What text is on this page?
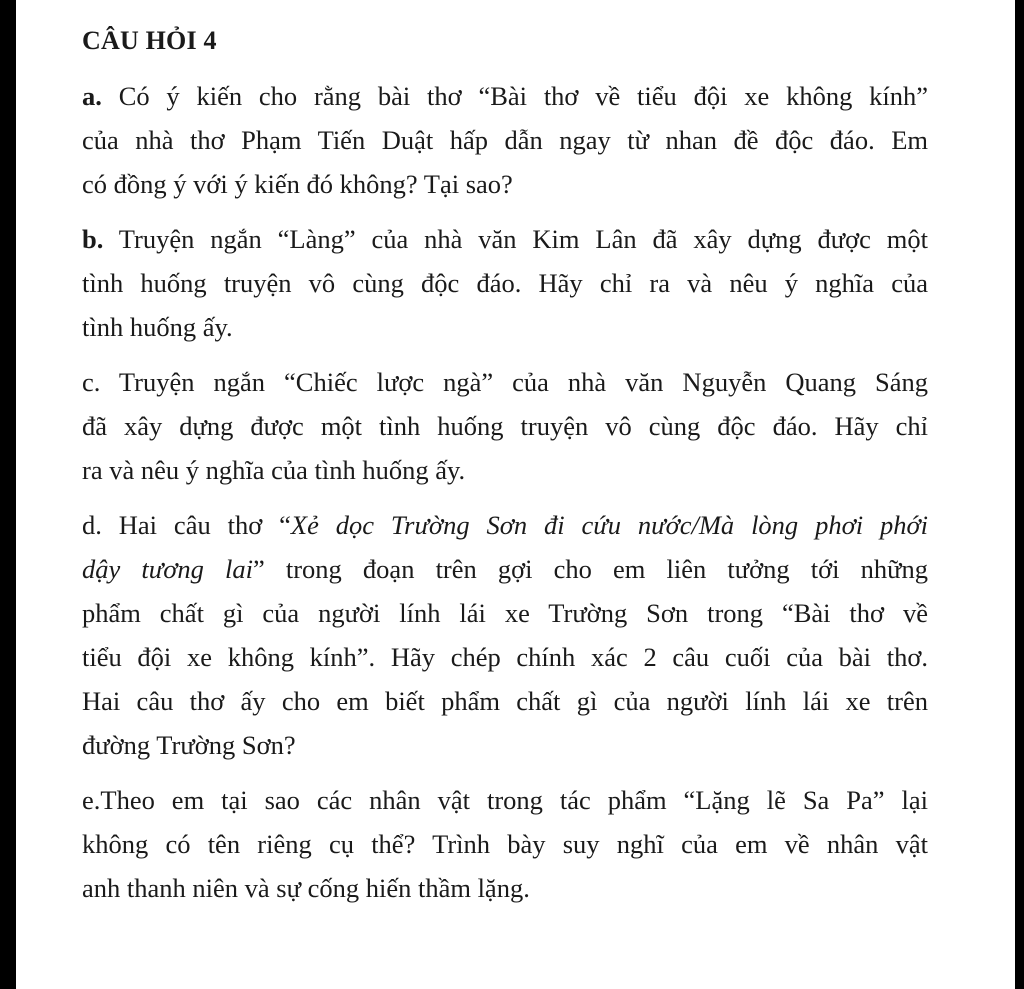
CÂU HỎI 4
a. Có ý kiến cho rằng bài thơ “Bài thơ về tiểu đội xe không kính”
của nhà thơ Phạm Tiến Duật hấp dẫn ngay từ nhan đề độc đáo. Em
có đồng ý với ý kiến đó không? Tại sao?
b. Truyện ngắn “Làng” của nhà văn Kim Lân đã xây dựng được một
tình huống truyện vô cùng độc đáo. Hãy chỉ ra và nêu ý nghĩa của
tình huống ấy.
c. Truyện ngắn “Chiếc lược ngà” của nhà văn Nguyễn Quang Sáng
đã xây dựng được một tình huống truyện vô cùng độc đáo. Hãy chỉ
ra và nêu ý nghĩa của tình huống ấy.
d. Hai câu thơ “Xẻ dọc Trường Sơn đi cứu nước/Mà lòng phơi phới
dậy tương lai” trong đoạn trên gợi cho em liên tưởng tới những
phẩm chất gì của người lính lái xe Trường Sơn trong “Bài thơ về
tiểu đội xe không kính”. Hãy chép chính xác 2 câu cuối của bài thơ.
Hai câu thơ ấy cho em biết phẩm chất gì của người lính lái xe trên
đường Trường Sơn?
e.Theo em tại sao các nhân vật trong tác phẩm “Lặng lẽ Sa Pa” lại
không có tên riêng cụ thể? Trình bày suy nghĩ của em về nhân vật
anh thanh niên và sự cống hiến thầm lặng.
